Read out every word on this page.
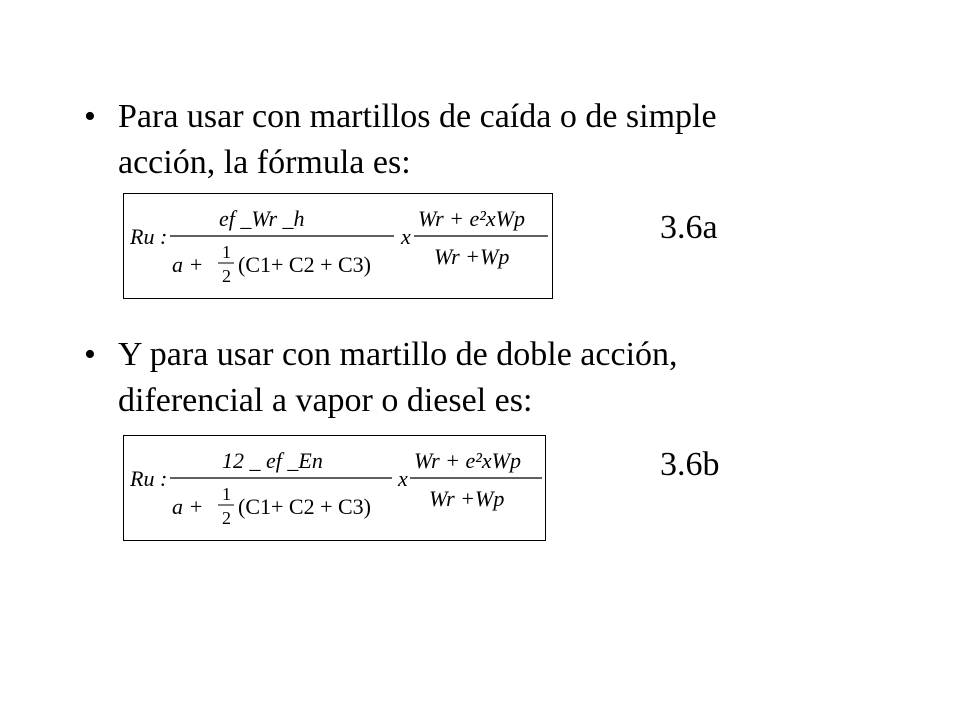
• Para usar con martillos de caída o de simple
acción, la fórmula es:
Ru :
ef _Wr _h
a + 1
2 (C1+ C2 + C3)
x
Wr + e²xWp
Wr +Wp
3.6a
• Y para usar con martillo de doble acción,
diferencial a vapor o diesel es:
Ru :
12 _ ef _En
a + 1
2 (C1+ C2 + C3)
x
Wr + e²xWp
Wr +Wp
3.6b
